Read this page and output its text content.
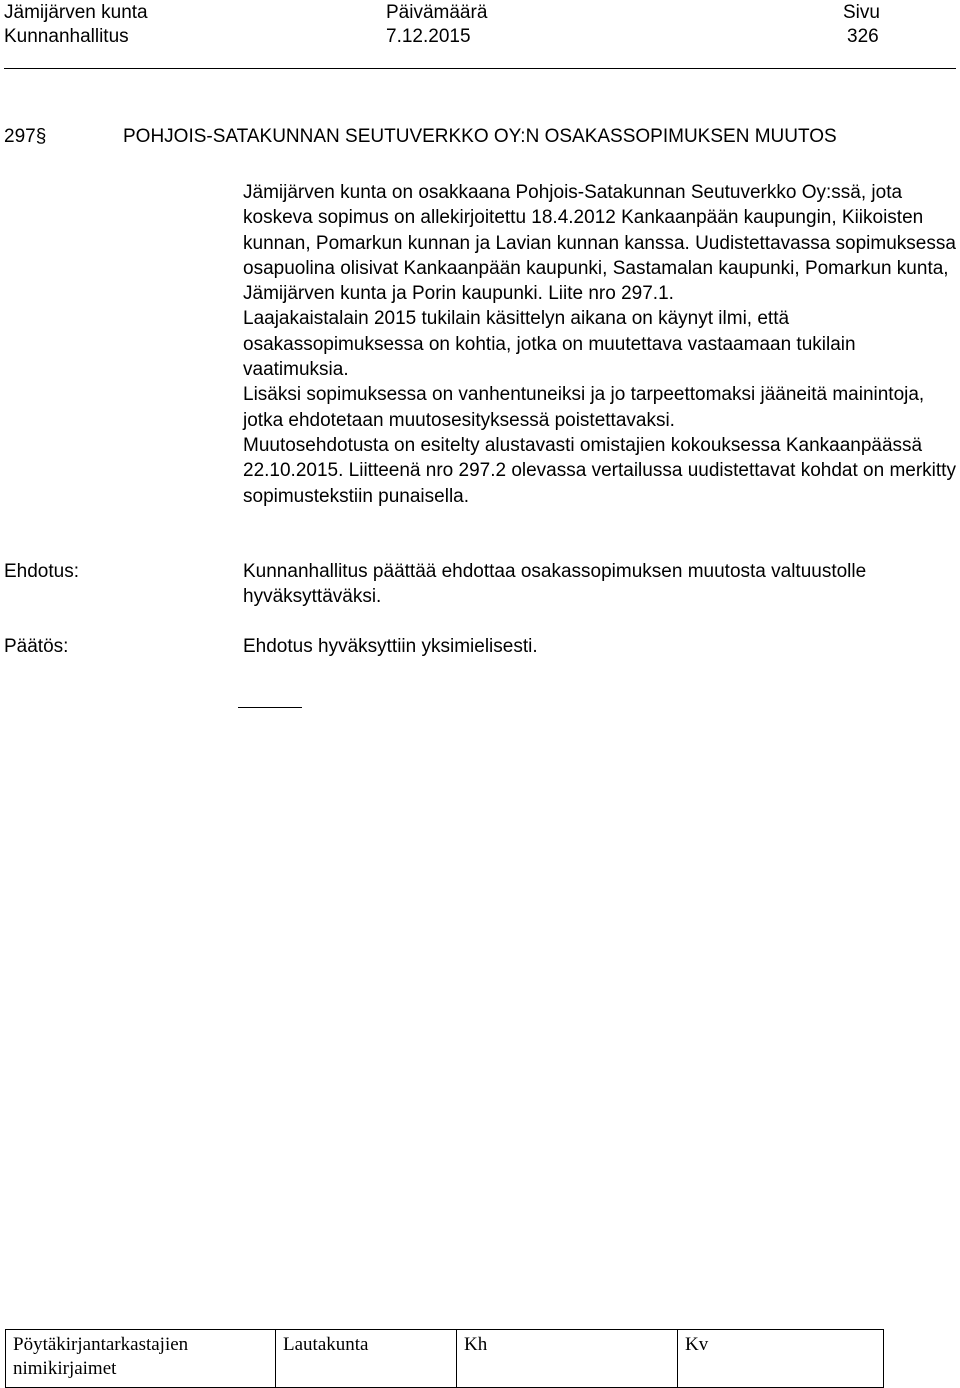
Jämijärven kunta
Kunnanhallitus
Päivämäärä
7.12.2015
Sivu
326
297§	POHJOIS-SATAKUNNAN SEUTUVERKKO OY:N OSAKASSOPIMUKSEN MUUTOS

Jämijärven kunta on osakkaana Pohjois-Satakunnan Seutuverkko Oy:ssä, jota koskeva sopimus on allekirjoitettu 18.4.2012 Kankaanpään kaupungin, Kiikoisten kunnan, Pomarkun kunnan ja Lavian kunnan kanssa. Uudistettavassa sopimuksessa osapuolina olisivat Kankaanpään kaupunki, Sastamalan kaupunki, Pomarkun kunta, Jämijärven kunta ja Porin kaupunki. Liite nro 297.1.

Laajakaistalain 2015 tukilain käsittelyn aikana on käynyt ilmi, että osakassopimuksessa on kohtia, jotka on muutettava vastaamaan tukilain vaatimuksia.

Lisäksi sopimuksessa on vanhentuneiksi ja jo tarpeettomaksi jääneitä mainintoja, jotka ehdotetaan muutosesityksessä poistettavaksi.

Muutosehdotusta on esitelty alustavasti omistajien kokouksessa Kankaanpäässä 22.10.2015. Liitteenä nro 297.2 olevassa vertailussa uudistettavat kohdat on merkitty sopimustekstiin punaisella.

Ehdotus:	Kunnanhallitus päättää ehdottaa osakassopimuksen muutosta valtuustolle hyväksyttäväksi.
Päätös:	Ehdotus hyväksyttiin yksimielisesti.
Pöytäkirjantarkastajien nimikirjaimet	Lautakunta	Kh	Kv
